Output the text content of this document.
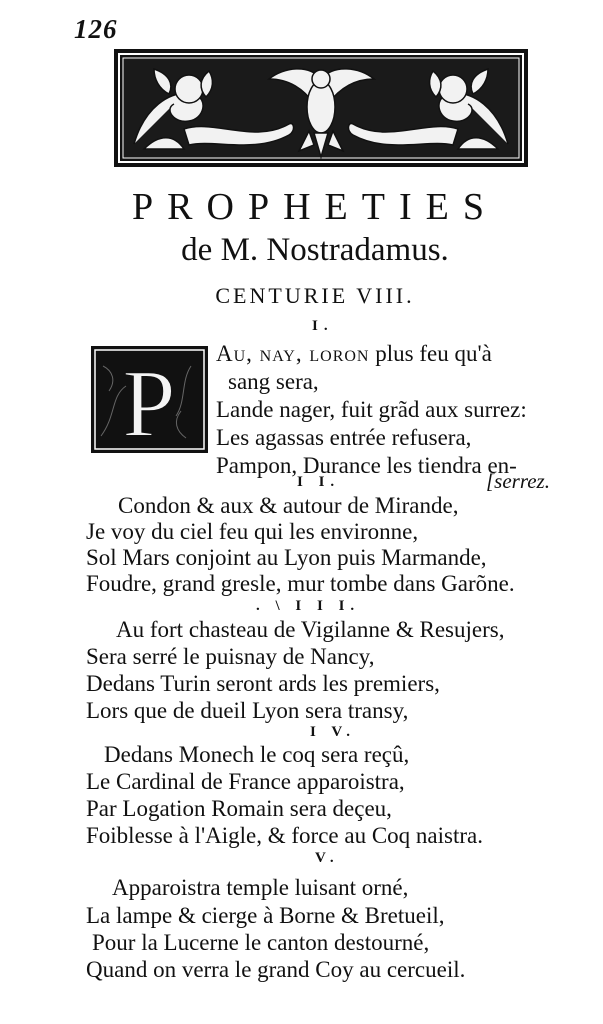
126
PROPHETIES
de M. Nostradamus.
CENTURIE VIII.
I.
P Au, nay, loron plus feu qu'à
sang sera,
Lande nager, fuit grãd aux surrez:
Les agassas entrée refusera,
Pampon, Durance les tiendra en-
[serrez.
I I.
Condon & aux & autour de Mirande,
Je voy du ciel feu qui les environne,
Sol Mars conjoint au Lyon puis Marmande,
Foudre, grand gresle, mur tombe dans Garõne.
. \ I I I.
Au fort chasteau de Vigilanne & Resujers,
Sera serré le puisnay de Nancy,
Dedans Turin seront ards les premiers,
Lors que de dueil Lyon sera transy,
I V.
Dedans Monech le coq sera reçû,
Le Cardinal de France apparoistra,
Par Logation Romain sera deçeu,
Foiblesse à l'Aigle, & force au Coq naistra.
V.
Apparoistra temple luisant orné,
La lampe & cierge à Borne & Bretueil,
Pour la Lucerne le canton destourné,
Quand on verra le grand Coy au cercueil.
